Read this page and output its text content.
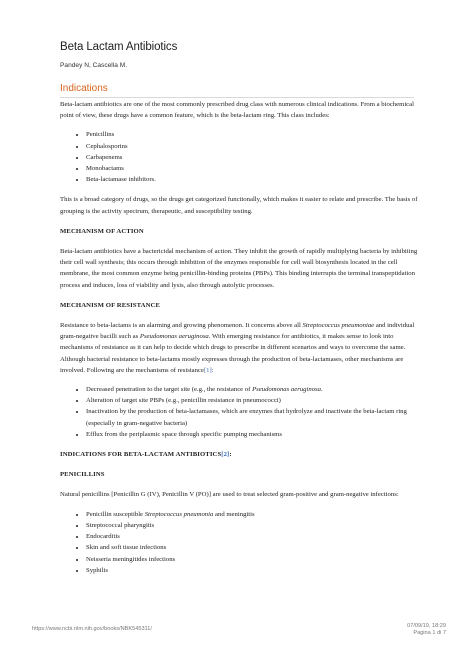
Beta Lactam Antibiotics
Pandey N, Cascella M.
Indications

Beta-lactam antibiotics are one of the most commonly prescribed drug class with numerous clinical indications. From a biochemical point of view, these drugs have a common feature, which is the beta-lactam ring. This class includes:

• Penicillins
• Cephalosporins
• Carbapenems
• Monobactams
• Beta-lactamase inhibitors.

This is a broad category of drugs, so the drugs get categorized functionally, which makes it easier to relate and prescribe. The basis of grouping is the activity spectrum, therapeutic, and susceptibility testing.

MECHANISM OF ACTION

Beta-lactam antibiotics have a bactericidal mechanism of action. They inhibit the growth of rapidly multiplying bacteria by inhibiting their cell wall synthesis; this occurs through inhibition of the enzymes responsible for cell wall biosynthesis located in the cell membrane, the most common enzyme being penicillin-binding proteins (PBPs). This binding interrupts the terminal transpeptidation process and induces, loss of viability and lysis, also through autolytic processes.

MECHANISM OF RESISTANCE

Resistance to beta-lactams is an alarming and growing phenomenon. It concerns above all Streptococcus pneumoniae and individual gram-negative bacilli such as Pseudomonas aeruginosa. With emerging resistance for antibiotics, it makes sense to look into mechanisms of resistance as it can help to decide which drugs to prescribe in different scenarios and ways to overcome the same. Although bacterial resistance to beta-lactams mostly expresses through the production of beta-lactamases, other mechanisms are involved. Following are the mechanisms of resistance[1]:

• Decreased penetration to the target site (e.g., the resistance of Pseudomonas aeruginosa.
• Alteration of target site PBPs (e.g., penicillin resistance in pneumococci)
• Inactivation by the production of beta-lactamases, which are enzymes that hydrolyze and inactivate the beta-lactam ring (especially in gram-negative bacteria)
• Efflux from the periplasmic space through specific pumping mechanisms
INDICATIONS FOR BETA-LACTAM ANTIBIOTICS[2]:
PENICILLINS

Natural penicillins [Penicillin G (IV), Penicillin V (PO)] are used to treat selected gram-positive and gram-negative infections:

• Penicillin susceptible Streptococcus pneumonia and meningitis
• Streptococcal pharyngitis
• Endocarditis
• Skin and soft tissue infections
• Neisseria meningitides infections
• Syphilis
https://www.ncbi.nlm.nih.gov/books/NBK545311/	07/09/19, 18:29
Pagina 1 di 7
